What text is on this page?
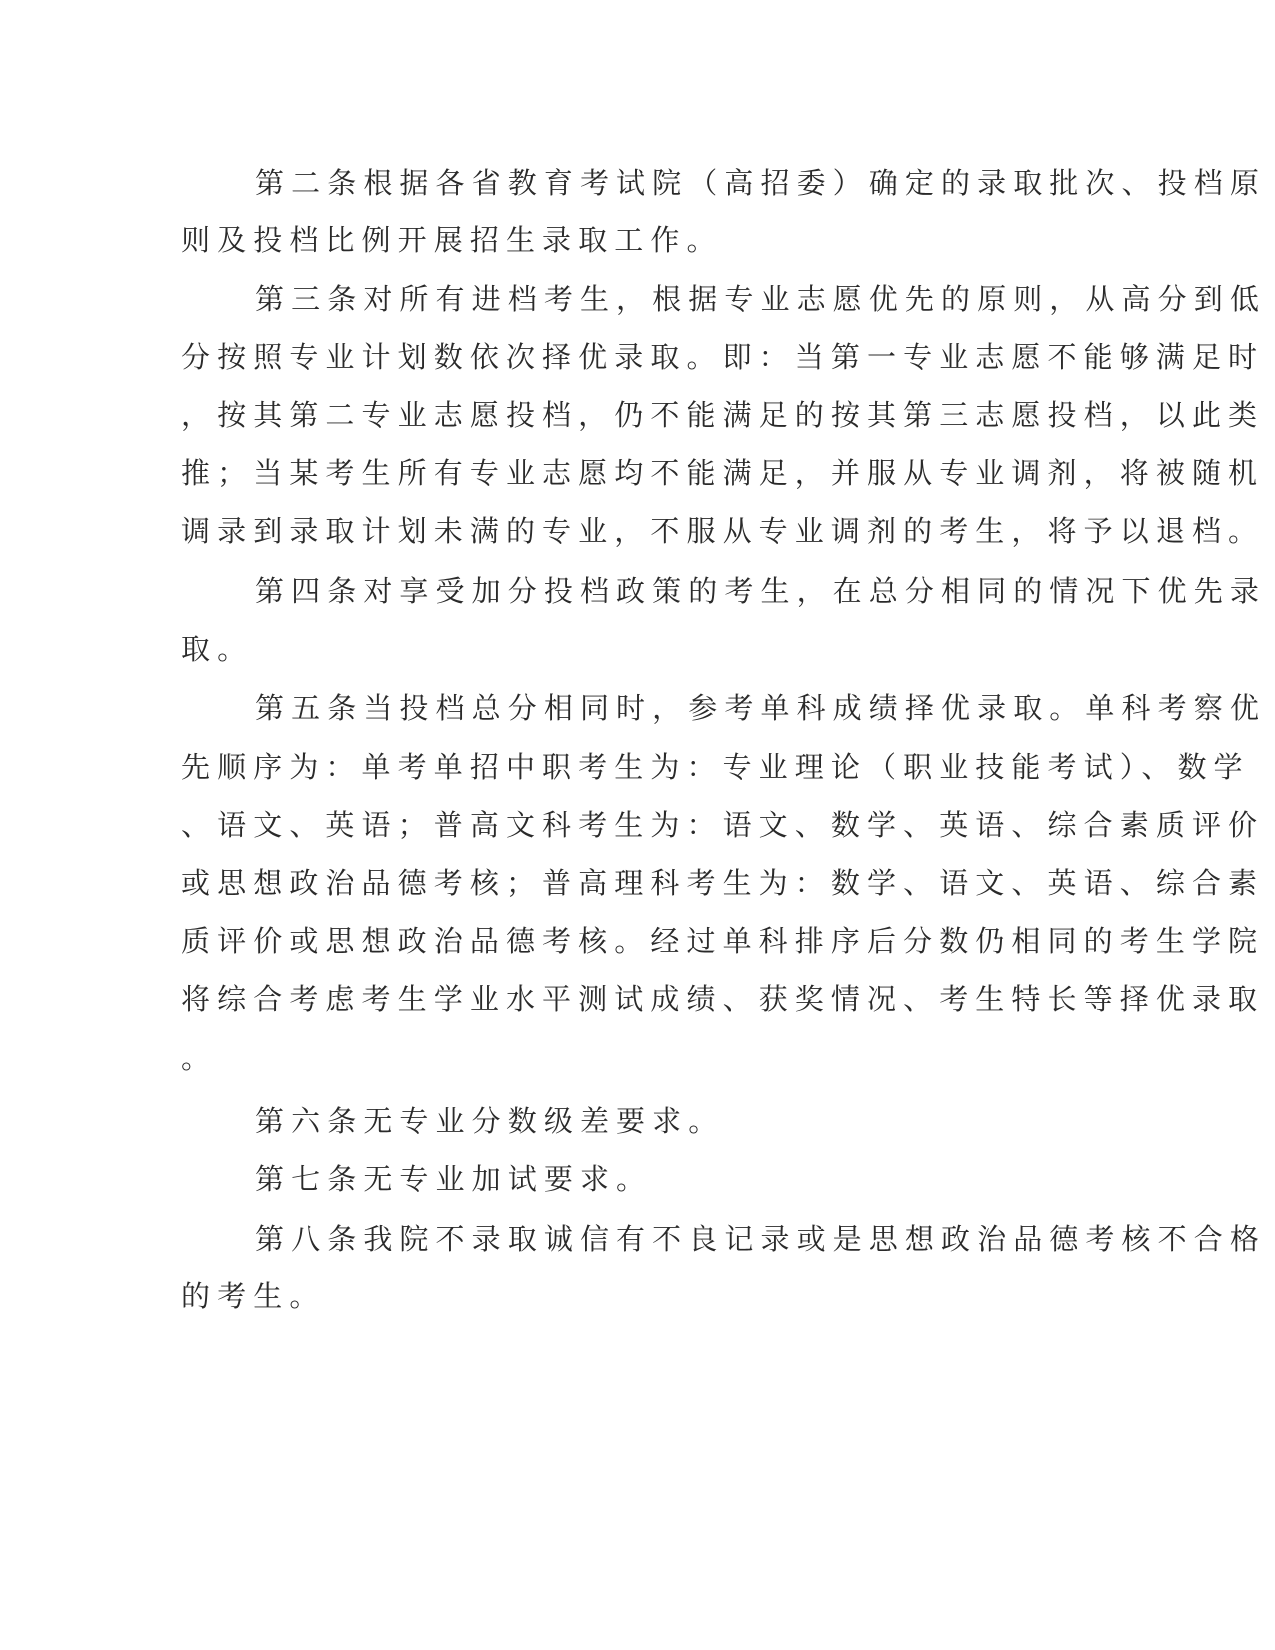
第二条根据各省教育考试院（高招委）确定的录取批次、投档原
则及投档比例开展招生录取工作。
第三条对所有进档考生，根据专业志愿优先的原则，从高分到低
分按照专业计划数依次择优录取。即：当第一专业志愿不能够满足时
，按其第二专业志愿投档，仍不能满足的按其第三志愿投档，以此类
推；当某考生所有专业志愿均不能满足，并服从专业调剂，将被随机
调录到录取计划未满的专业，不服从专业调剂的考生，将予以退档。
第四条对享受加分投档政策的考生，在总分相同的情况下优先录
取。
第五条当投档总分相同时，参考单科成绩择优录取。单科考察优
先顺序为：单考单招中职考生为：专业理论（职业技能考试）、数学
、语文、英语；普高文科考生为：语文、数学、英语、综合素质评价
或思想政治品德考核；普高理科考生为：数学、语文、英语、综合素
质评价或思想政治品德考核。经过单科排序后分数仍相同的考生学院
将综合考虑考生学业水平测试成绩、获奖情况、考生特长等择优录取
。
第六条无专业分数级差要求。
第七条无专业加试要求。
第八条我院不录取诚信有不良记录或是思想政治品德考核不合格
的考生。
